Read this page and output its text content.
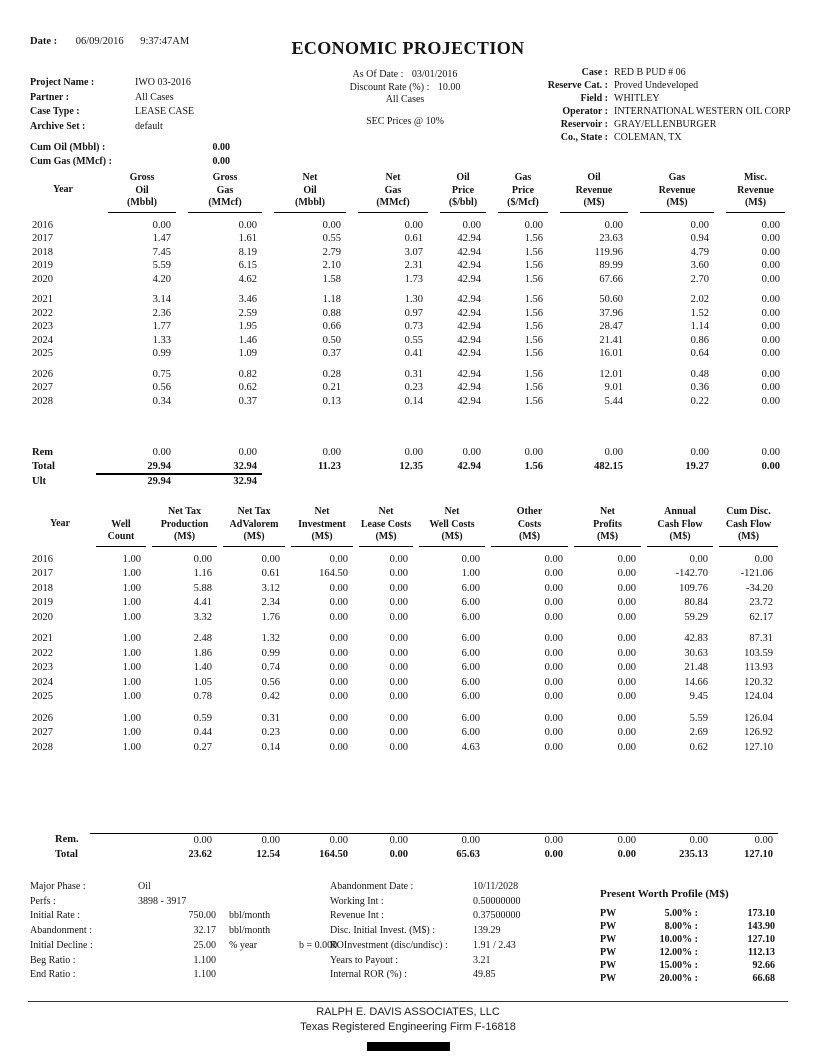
Date : 06/09/2016 9:37:47AM	ECONOMIC PROJECTION
As Of Date : 03/01/2016
Discount Rate (%) : 10.00
All Cases
SEC Prices @ 10%
Case : RED B PUD # 06
Reserve Cat. : Proved Undeveloped
Field : WHITLEY
Operator : INTERNATIONAL WESTERN OIL CORP
Reservoir : GRAY/ELLENBURGER
Co., State : COLEMAN, TX
Project Name :	IWO 03-2016
Partner :	All Cases
Case Type :	LEASE CASE
Archive Set :	default
Cum Oil (Mbbl) :	0.00
Cum Gas (MMcf) :	0.00
Year

Gross
Oil
(Mbbl)

Gross
Gas
(MMcf)

Net
Oil
(Mbbl)

Net
Gas
(MMcf)

Oil
Price
($/bbl)

Gas
Price
($/Mcf)

Oil
Revenue
(M$)

Gas
Revenue
(M$)

Misc.
Revenue
(M$)

2016	0.00	0.00	0.00	0.00	0.00	0.00	0.00	0.00	0.00
2017	1.47	1.61	0.55	0.61	42.94	1.56	23.63	0.94	0.00
2018	7.45	8.19	2.79	3.07	42.94	1.56	119.96	4.79	0.00
2019	5.59	6.15	2.10	2.31	42.94	1.56	89.99	3.60	0.00
2020	4.20	4.62	1.58	1.73	42.94	1.56	67.66	2.70	0.00

2021	3.14	3.46	1.18	1.30	42.94	1.56	50.60	2.02	0.00
2022	2.36	2.59	0.88	0.97	42.94	1.56	37.96	1.52	0.00
2023	1.77	1.95	0.66	0.73	42.94	1.56	28.47	1.14	0.00
2024	1.33	1.46	0.50	0.55	42.94	1.56	21.41	0.86	0.00
2025	0.99	1.09	0.37	0.41	42.94	1.56	16.01	0.64	0.00

2026	0.75	0.82	0.28	0.31	42.94	1.56	12.01	0.48	0.00
2027	0.56	0.62	0.21	0.23	42.94	1.56	9.01	0.36	0.00
2028	0.34	0.37	0.13	0.14	42.94	1.56	5.44	0.22	0.00

Rem	0.00	0.00	0.00	0.00	0.00	0.00	0.00	0.00	0.00
Total	29.94	32.94	11.23	12.35	42.94	1.56	482.15	19.27	0.00
Ult	29.94	32.94							
Year	Well
Count

Net Tax
Production
(M$)

Net Tax
AdValorem
(M$)

Net
Investment
(M$)

Net
Lease Costs
(M$)

Net
Well Costs
(M$)

Other
Costs
(M$)

Net
Profits
(M$)

Annual
Cash Flow
(M$)

Cum Disc.
Cash Flow
(M$)

2016	1.00	0.00	0.00	0.00	0.00	0.00	0.00	0.00	0.00	0.00
2017	1.00	1.16	0.61	164.50	0.00	1.00	0.00	0.00	-142.70	-121.06
2018	1.00	5.88	3.12	0.00	0.00	6.00	0.00	0.00	109.76	-34.20
2019	1.00	4.41	2.34	0.00	0.00	6.00	0.00	0.00	80.84	23.72
2020	1.00	3.32	1.76	0.00	0.00	6.00	0.00	0.00	59.29	62.17

2021	1.00	2.48	1.32	0.00	0.00	6.00	0.00	0.00	42.83	87.31
2022	1.00	1.86	0.99	0.00	0.00	6.00	0.00	0.00	30.63	103.59
2023	1.00	1.40	0.74	0.00	0.00	6.00	0.00	0.00	21.48	113.93
2024	1.00	1.05	0.56	0.00	0.00	6.00	0.00	0.00	14.66	120.32
2025	1.00	0.78	0.42	0.00	0.00	6.00	0.00	0.00	9.45	124.04

2026	1.00	0.59	0.31	0.00	0.00	6.00	0.00	0.00	5.59	126.04
2027	1.00	0.44	0.23	0.00	0.00	6.00	0.00	0.00	2.69	126.92
2028	1.00	0.27	0.14	0.00	0.00	4.63	0.00	0.00	0.62	127.10

Rem.		0.00	0.00	0.00	0.00	0.00	0.00	0.00	0.00	0.00
Total		23.62	12.54	164.50	0.00	65.63	0.00	0.00	235.13	127.10
Major Phase :	Oil
Perfs :	3898 - 3917
Initial Rate :	750.00 bbl/month
Abandonment :	32.17 bbl/month
Initial Decline :	25.00 % year	b = 0.000
Beg Ratio :	1.100
End Ratio :	1.100
Abandonment Date :	10/11/2028
Working Int :	0.50000000
Revenue Int :	0.37500000
Disc. Initial Invest. (M$) :	139.29
ROInvestment (disc/undisc) :	1.91 / 2.43
Years to Payout :	3.21
Internal ROR (%) :	49.85
Present Worth Profile (M$)
PW	5.00% :	173.10
PW	8.00% :	143.90
PW	10.00% :	127.10
PW	12.00% :	112.13
PW	15.00% :	92.66
PW	20.00% :	66.68
RALPH E. DAVIS ASSOCIATES, LLC
Texas Registered Engineering Firm F-16818
